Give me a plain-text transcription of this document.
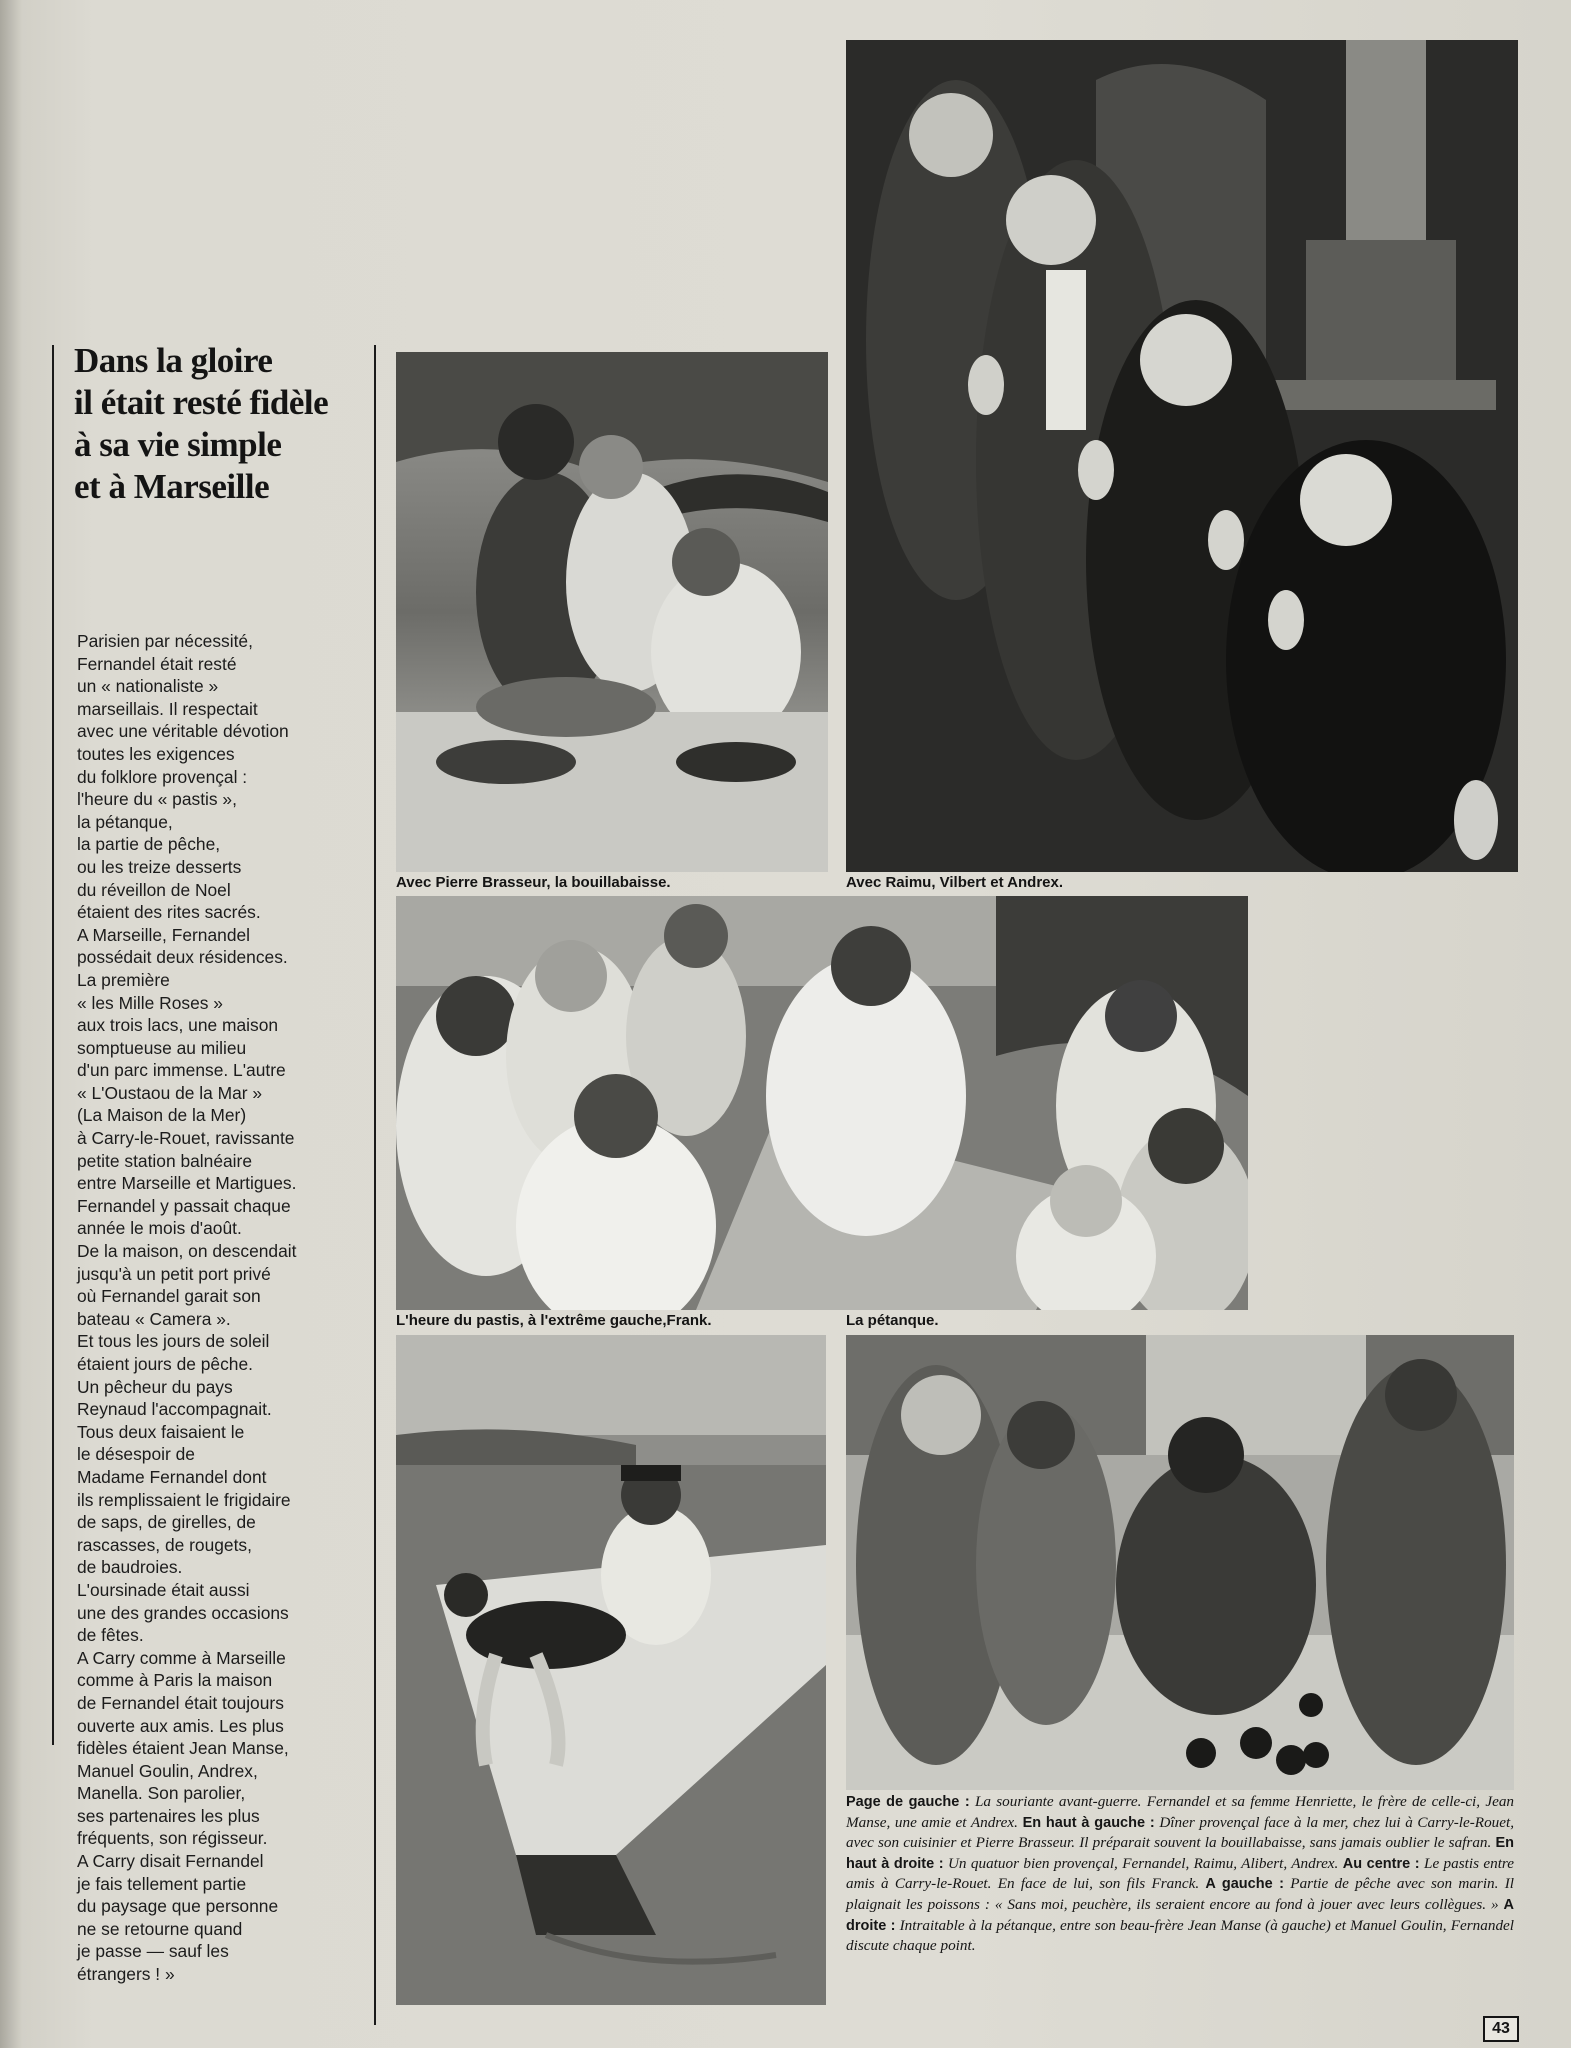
Dans la gloire
il était resté fidèle
à sa vie simple
et à Marseille

Parisien par nécessité,

Fernandel était resté

un « nationaliste »

marseillais. Il respectait

avec une véritable dévotion

toutes les exigences

du folklore provençal :

l'heure du « pastis »,

la pétanque,

la partie de pêche,

ou les treize desserts

du réveillon de Noel

étaient des rites sacrés.

A Marseille, Fernandel

possédait deux résidences.

La première

« les Mille Roses »

aux trois lacs, une maison

somptueuse au milieu

d'un parc immense. L'autre

« L'Oustaou de la Mar »

(La Maison de la Mer)

à Carry-le-Rouet, ravissante

petite station balnéaire

entre Marseille et Martigues.

Fernandel y passait chaque

année le mois d'août.

De la maison, on descendait

jusqu'à un petit port privé

où Fernandel garait son

bateau « Camera ».

Et tous les jours de soleil

étaient jours de pêche.

Un pêcheur du pays

Reynaud l'accompagnait.

Tous deux faisaient le

le désespoir de

Madame Fernandel dont

ils remplissaient le frigidaire

de saps, de girelles, de

rascasses, de rougets,

de baudroies.

L'oursinade était aussi

une des grandes occasions

de fêtes.

A Carry comme à Marseille

comme à Paris la maison

de Fernandel était toujours

ouverte aux amis. Les plus

fidèles étaient Jean Manse,

Manuel Goulin, Andrex,

Manella. Son parolier,

ses partenaires les plus

fréquents, son régisseur.

A Carry disait Fernandel

je fais tellement partie

du paysage que personne

ne se retourne quand

je passe — sauf les

étrangers ! »

Avec Pierre Brasseur, la bouillabaisse.	Avec Raimu, Vilbert et Andrex.

L'heure du pastis, à l'extrême gauche,Frank.	La pétanque.

Page de gauche : La souriante avant-guerre. Fernandel et sa femme Henriette, le frère de celle-ci, Jean Manse, une amie et Andrex. En haut à gauche : Dîner provençal face à la mer, chez lui à Carry-le-Rouet, avec son cuisinier et Pierre Brasseur. Il préparait souvent la bouillabaisse, sans jamais oublier le safran. En haut à droite : Un quatuor bien provençal, Fernandel, Raimu, Alibert, Andrex. Au centre : Le pastis entre amis à Carry-le-Rouet. En face de lui, son fils Franck. A gauche : Partie de pêche avec son marin. Il plaignait les poissons : « Sans moi, peuchère, ils seraient encore au fond à jouer avec leurs collègues. » A droite : Intraitable à la pétanque, entre son beau-frère Jean Manse (à gauche) et Manuel Goulin, Fernandel discute chaque point.

43
